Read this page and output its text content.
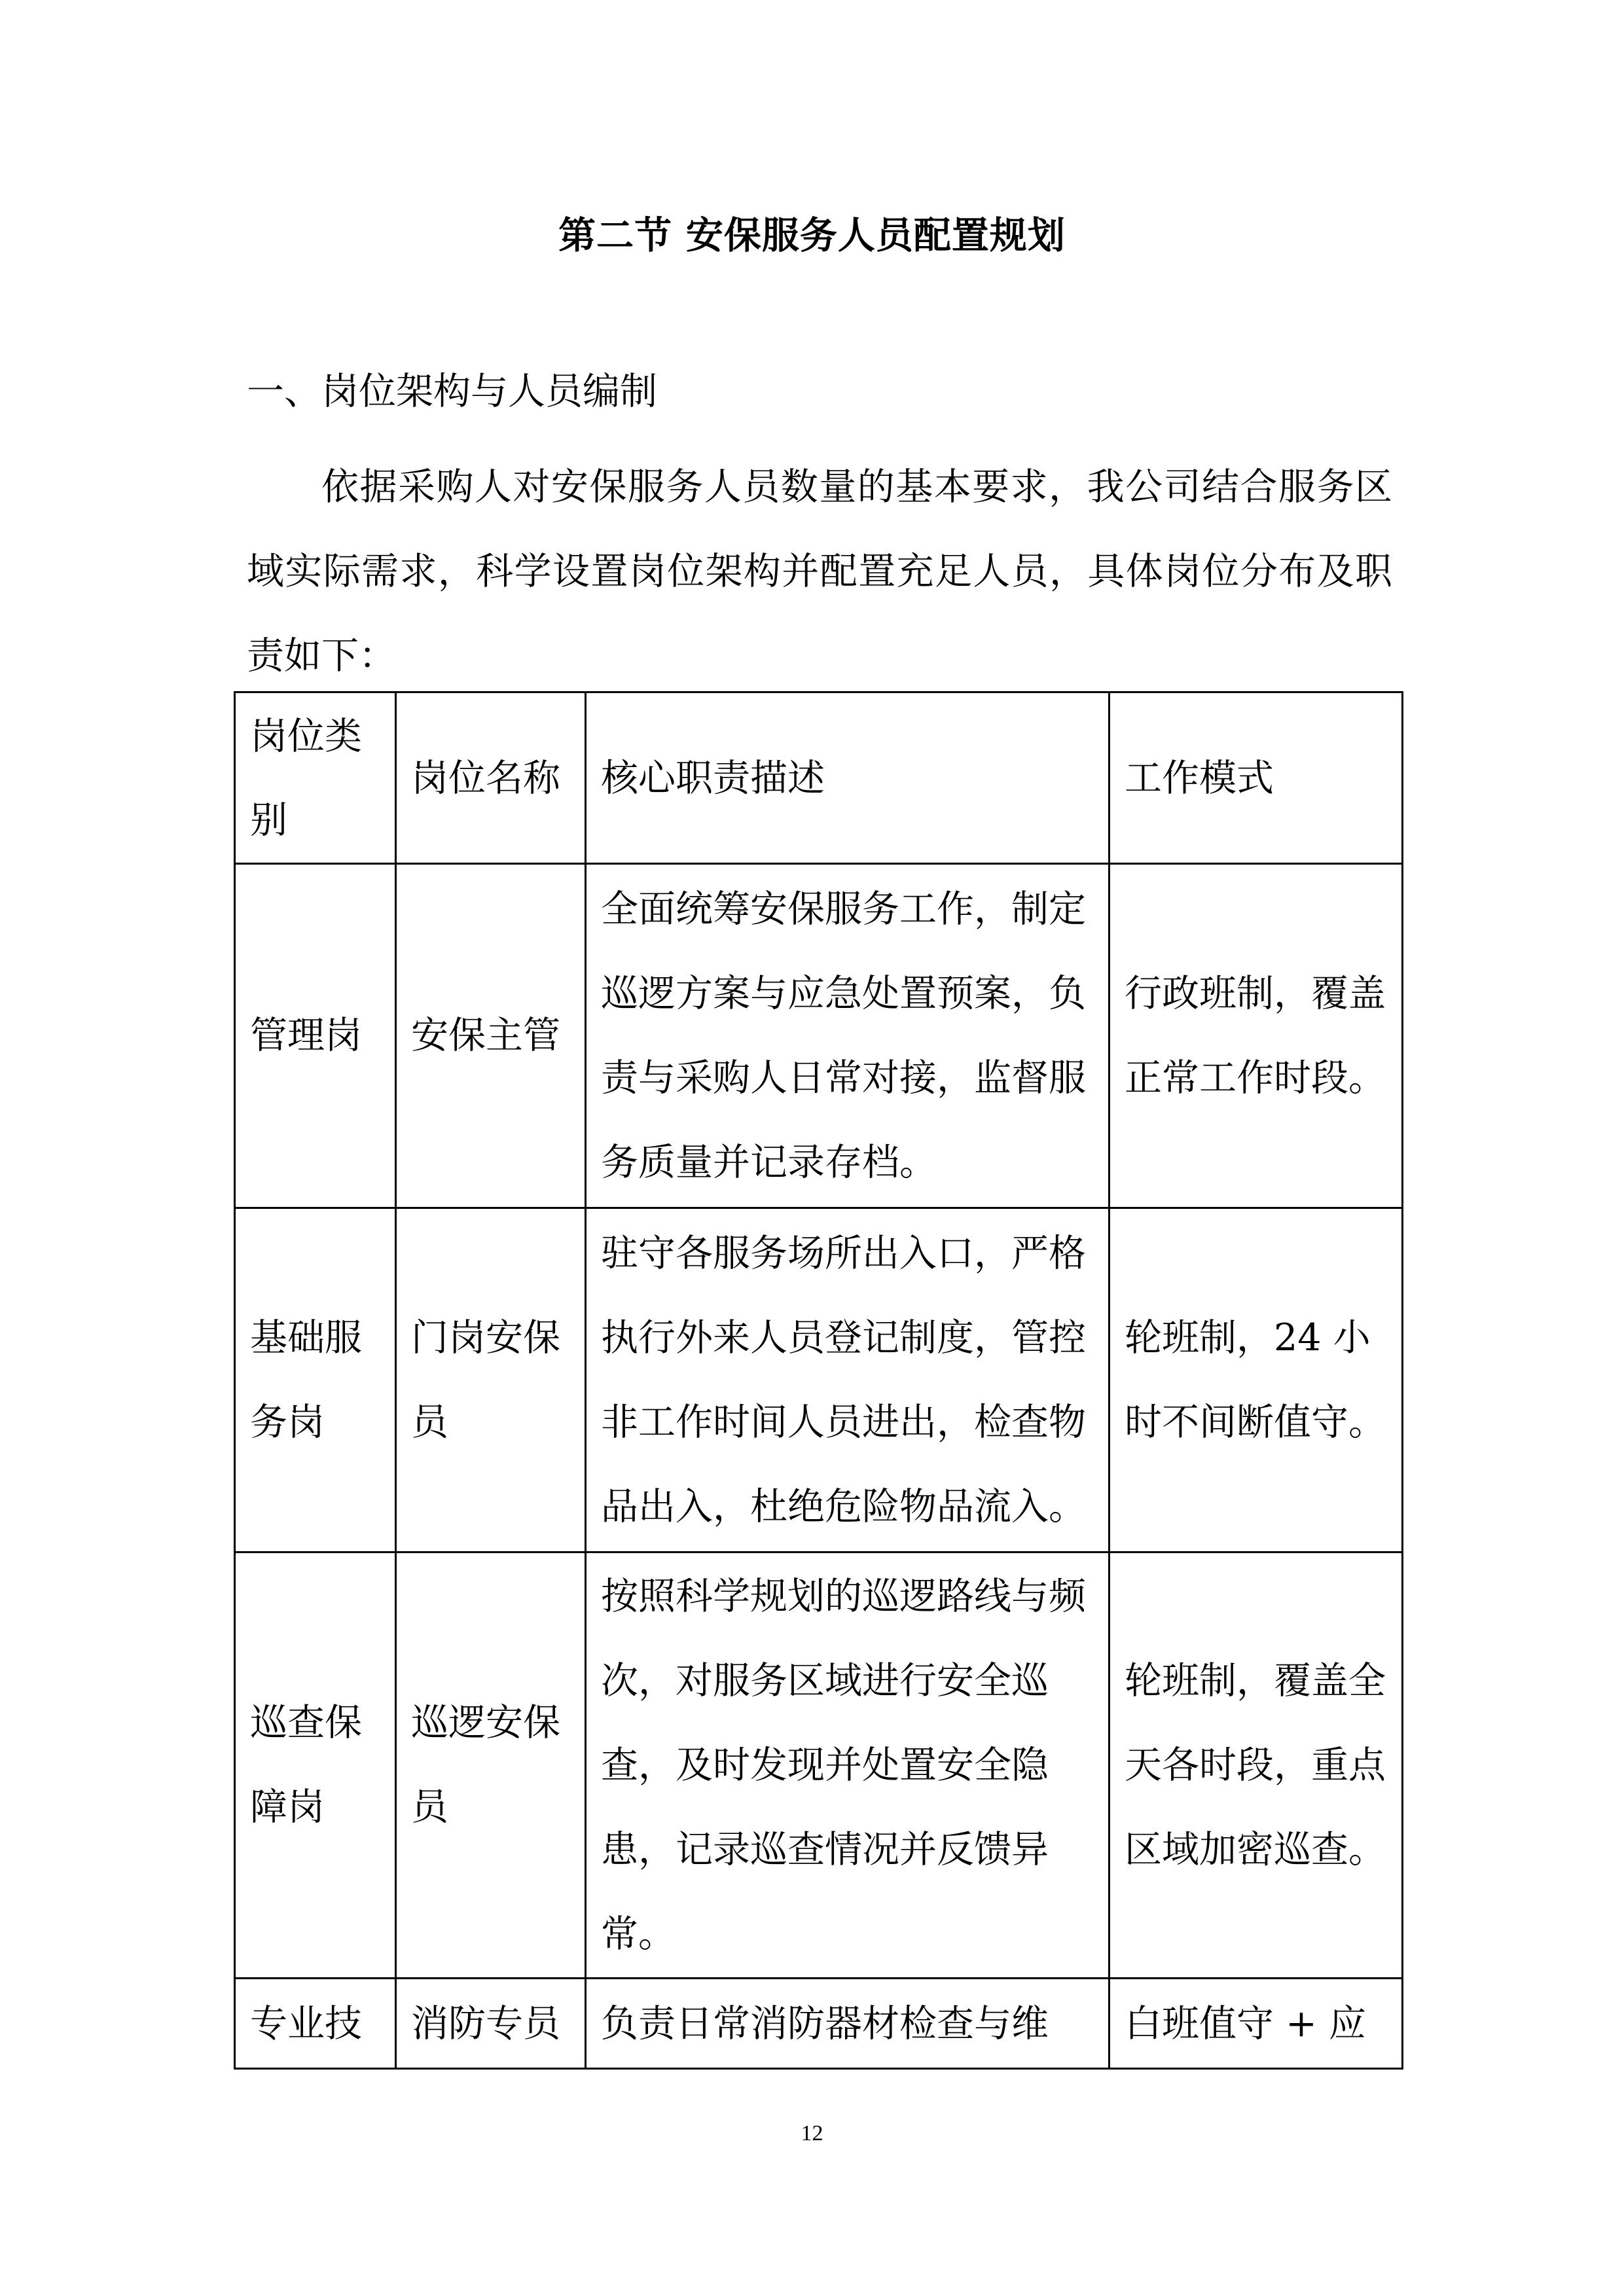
第二节 安保服务人员配置规划
一、岗位架构与人员编制

依据采购人对安保服务人员数量的基本要求，我公司结合服务区域实际需求，科学设置岗位架构并配置充足人员，具体岗位分布及职责如下：

岗位类别	岗位名称	核心职责描述	工作模式
管理岗	安保主管	全面统筹安保服务工作，制定巡逻方案与应急处置预案，负责与采购人日常对接，监督服务质量并记录存档。	行政班制，覆盖正常工作时段。
基础服务岗	门岗安保员	驻守各服务场所出入口，严格执行外来人员登记制度，管控非工作时间人员进出，检查物品出入，杜绝危险物品流入。	轮班制，24 小时不间断值守。
巡查保障岗	巡逻安保员	按照科学规划的巡逻路线与频次，对服务区域进行安全巡查，及时发现并处置安全隐患，记录巡查情况并反馈异常。	轮班制，覆盖全天各时段，重点区域加密巡查。
专业技	消防专员	负责日常消防器材检查与维	白班值守 + 应
12
